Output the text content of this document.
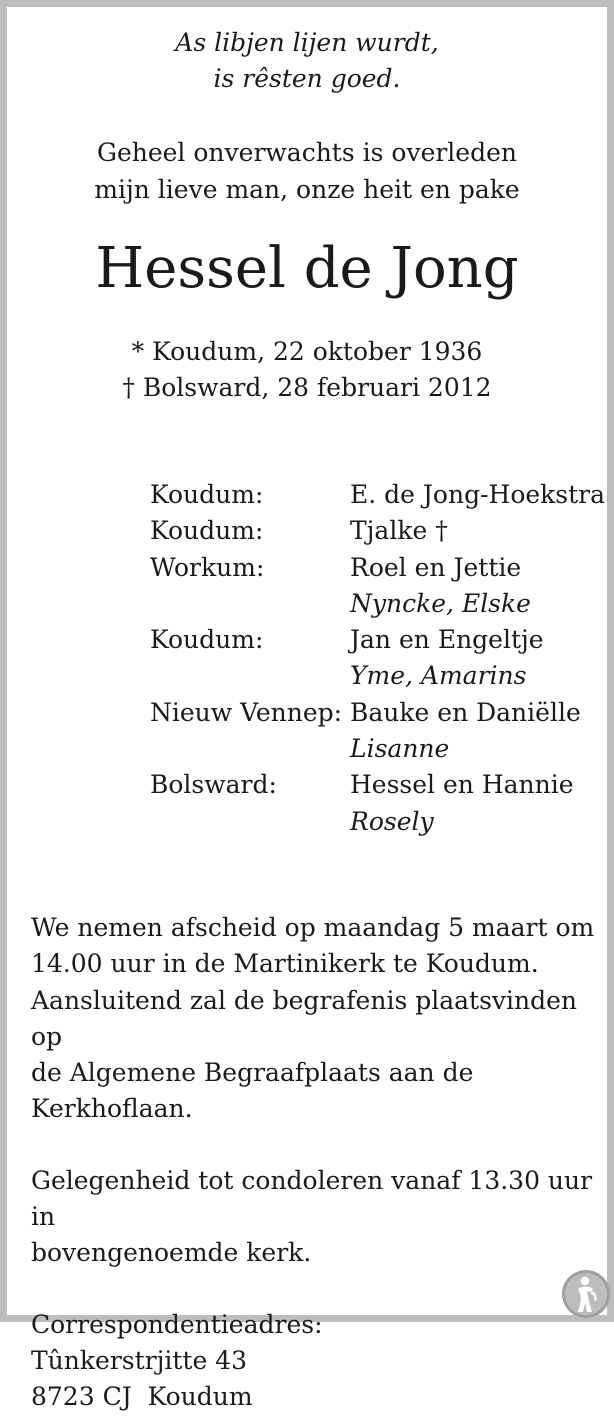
As libjen lijen wurdt,
is rêsten goed.
Geheel onverwachts is overleden
mijn lieve man, onze heit en pake
Hessel de Jong
* Koudum, 22 oktober 1936
† Bolsward, 28 februari 2012
Koudum:	E. de Jong-Hoekstra
Koudum:	Tjalke †
Workum:	Roel en Jettie
Nyncke, Elske
Koudum:	Jan en Engeltje
Yme, Amarins
Nieuw Vennep: Bauke en Daniëlle
Lisanne
Bolsward:	Hessel en Hannie
Rosely

We nemen afscheid op maandag 5 maart om
14.00 uur in de Martinikerk te Koudum.
Aansluitend zal de begrafenis plaatsvinden op
de Algemene Begraafplaats aan de Kerkhoflaan.

Gelegenheid tot condoleren vanaf 13.30 uur in
bovengenoemde kerk.

Correspondentieadres:
Tûnkerstrjitte 43
8723 CJ  Koudum
